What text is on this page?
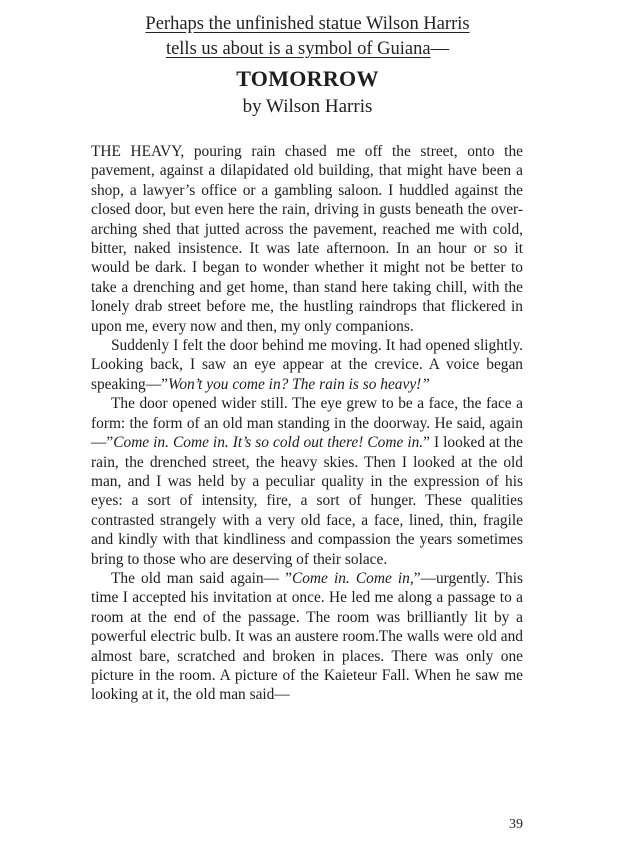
Perhaps the unfinished statue Wilson Harris
tells us about is a symbol of Guiana—
TOMORROW
by Wilson Harris

THE HEAVY, pouring rain chased me off the street, onto the pavement, against a dilapidated old building, that might have been a shop, a lawyer’s office or a gambling saloon. I huddled against the closed door, but even here the rain, driving in gusts beneath the over-arching shed that jutted across the pavement, reached me with cold, bitter, naked insistence. It was late afternoon. In an hour or so it would be dark. I began to wonder whether it might not be better to take a drenching and get home, than stand here taking chill, with the lonely drab street before me, the hustling raindrops that flickered in upon me, every now and then, my only companions.

Suddenly I felt the door behind me moving. It had opened slightly. Looking back, I saw an eye appear at the crevice. A voice began speaking—”Won’t you come in? The rain is so heavy!”

The door opened wider still. The eye grew to be a face, the face a form: the form of an old man standing in the doorway. He said, again—”Come in. Come in. It’s so cold out there! Come in.” I looked at the rain, the drenched street, the heavy skies. Then I looked at the old man, and I was held by a peculiar quality in the expression of his eyes: a sort of intensity, fire, a sort of hunger. These qualities contrasted strangely with a very old face, a face, lined, thin, fragile and kindly with that kindliness and compassion the years sometimes bring to those who are deserving of their solace.

The old man said again— ”Come in. Come in,”—urgently. This time I accepted his invitation at once. He led me along a passage to a room at the end of the passage. The room was brilliantly lit by a powerful electric bulb. It was an austere room.The walls were old and almost bare, scratched and broken in places. There was only one picture in the room. A picture of the Kaieteur Fall. When he saw me looking at it, the old man said—

39
